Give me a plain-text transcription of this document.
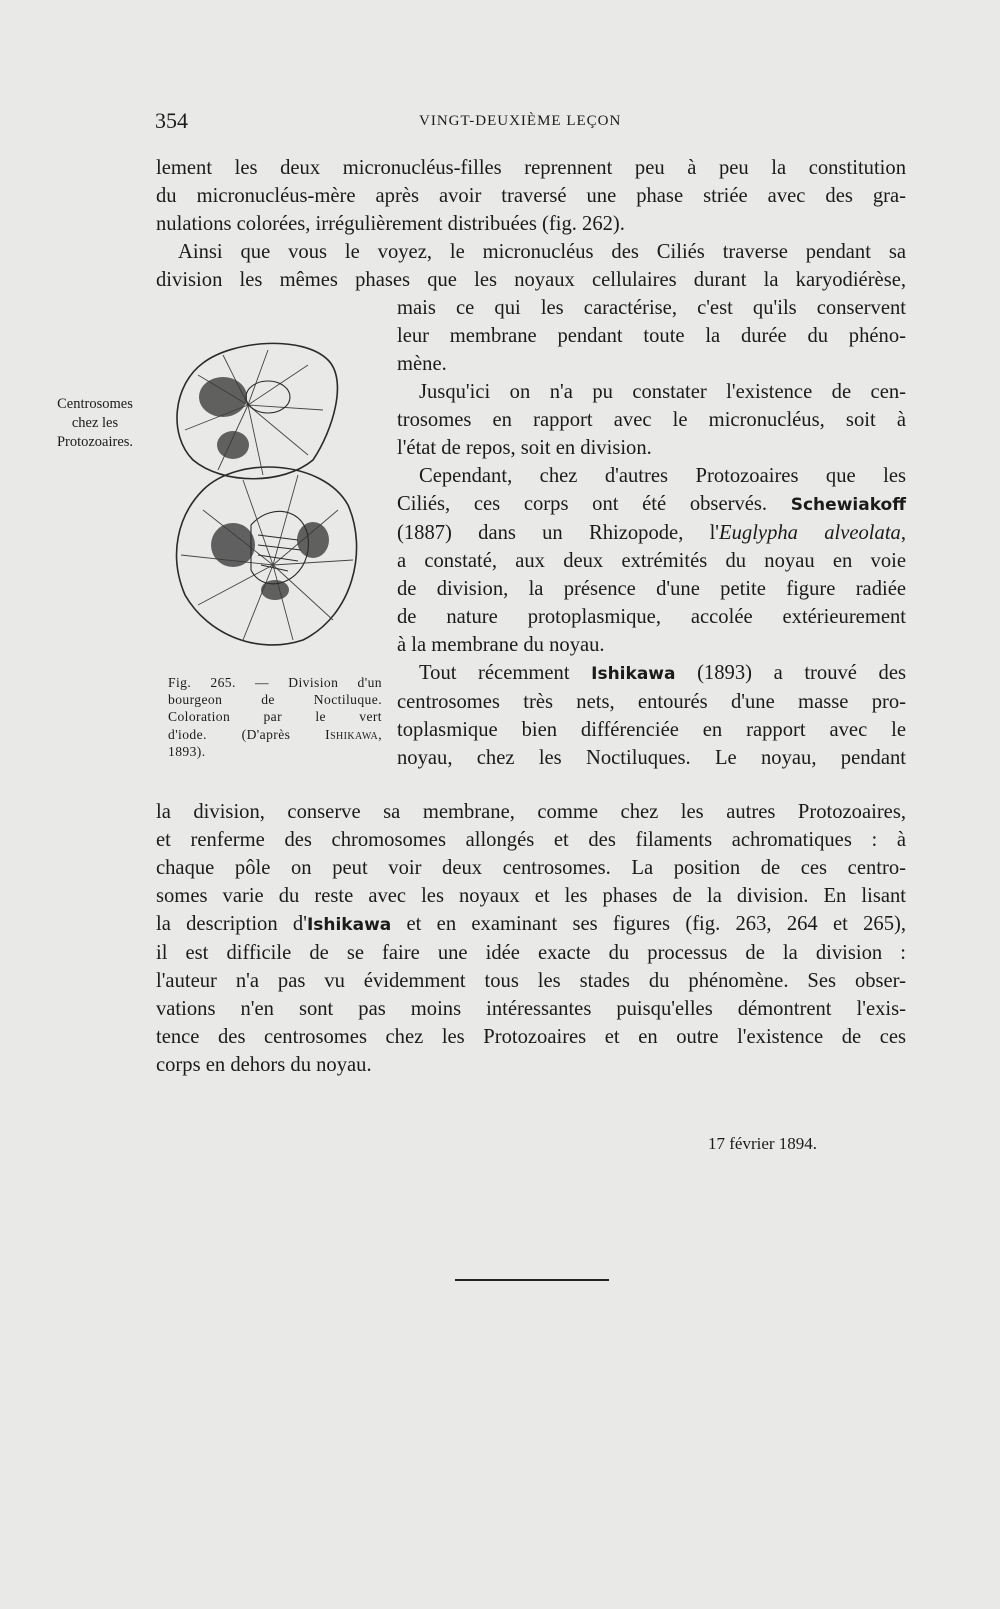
354	VINGT-DEUXIÈME LEÇON
Centrosomes
chez les
Protozoaires.
lement les deux micronucléus-filles reprennent peu à peu la constitution
du micronucléus-mère après avoir traversé une phase striée avec des gra-
nulations colorées, irrégulièrement distribuées (fig. 262).
Ainsi que vous le voyez, le micronucléus des Ciliés traverse pendant sa
division les mêmes phases que les noyaux cellulaires durant la karyodiérèse,
Fig. 265. — Division d'un
bourgeon de Noctiluque.
Coloration par le vert
d'iode. (D'après Ishikawa,
1893).
mais ce qui les caractérise, c'est qu'ils conservent
leur membrane pendant toute la durée du phéno-
mène.
Jusqu'ici on n'a pu constater l'existence de cen-
trosomes en rapport avec le micronucléus, soit à
l'état de repos, soit en division.
Cependant, chez d'autres Protozoaires que les
Ciliés, ces corps ont été observés. Schewiakoff
(1887) dans un Rhizopode, l'Euglypha alveolata,
a constaté, aux deux extrémités du noyau en voie
de division, la présence d'une petite figure radiée
de nature protoplasmique, accolée extérieurement
à la membrane du noyau.
Tout récemment Ishikawa (1893) a trouvé des
centrosomes très nets, entourés d'une masse pro-
toplasmique bien différenciée en rapport avec le
noyau, chez les Noctiluques. Le noyau, pendant
la division, conserve sa membrane, comme chez les autres Protozoaires,
et renferme des chromosomes allongés et des filaments achromatiques : à
chaque pôle on peut voir deux centrosomes. La position de ces centro-
somes varie du reste avec les noyaux et les phases de la division. En lisant
la description d'Ishikawa et en examinant ses figures (fig. 263, 264 et 265),
il est difficile de se faire une idée exacte du processus de la division :
l'auteur n'a pas vu évidemment tous les stades du phénomène. Ses obser-
vations n'en sont pas moins intéressantes puisqu'elles démontrent l'exis-
tence des centrosomes chez les Protozoaires et en outre l'existence de ces
corps en dehors du noyau.
17 février 1894.
